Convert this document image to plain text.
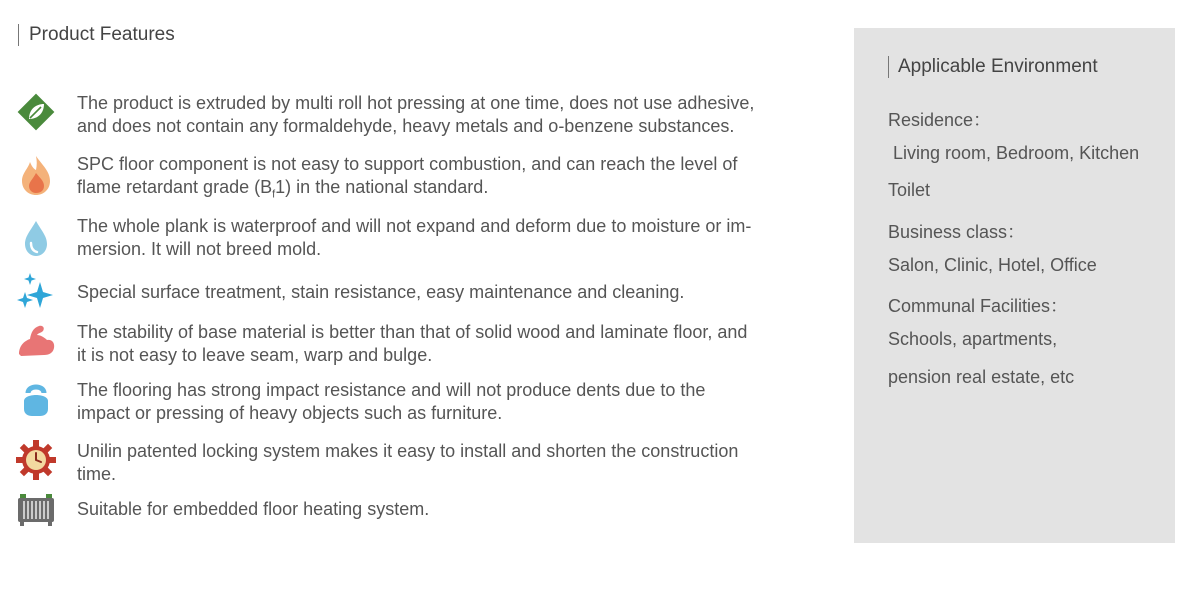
Product Features
The product is extruded by multi roll hot pressing at one time, does not use adhesive,
and does not contain any formaldehyde, heavy metals and o-benzene substances.
SPC floor component is not easy to support combustion, and can reach the level of
flame retardant grade $(B_f1)$ in the national standard.
The whole plank is waterproof and will not expand and deform due to moisture or im-
mersion. It will not breed mold.
Special surface treatment, stain resistance, easy maintenance and cleaning.
The stability of base material is better than that of solid wood and laminate floor, and
it is not easy to leave seam, warp and bulge.
The flooring has strong impact resistance and will not produce dents due to the
impact or pressing of heavy objects such as furniture.
Unilin patented locking system makes it easy to install and shorten the construction
time.
Suitable for embedded floor heating system.
Applicable Environment
Residence：
Living room, Bedroom, Kitchen
Toilet
Business class：
Salon, Clinic, Hotel, Office
Communal Facilities：
Schools, apartments,
pension real estate, etc
